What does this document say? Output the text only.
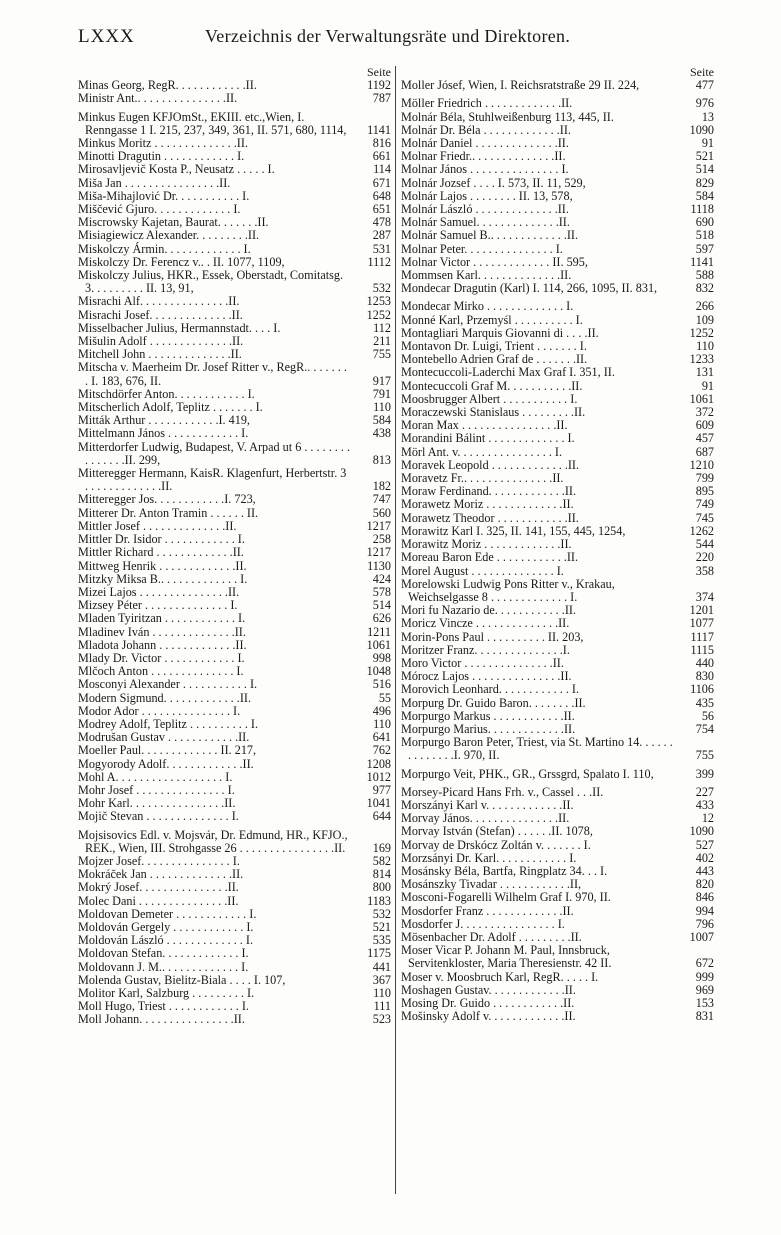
LXXX	Verzeichnis der Verwaltungsräte und Direktoren.
Seite
Minas Georg, RegR. . . . . . . . . . . .II.	1192
Ministr Ant.. . . . . . . . . . . . . . .II.	787
Minkus Eugen KFJOmSt., EKIII. etc.,Wien, I. Renngasse 1 I. 215, 237, 349, 361, II. 571, 680, 1114,	1141
Minkus Moritz . . . . . . . . . . . . . .II.	816
Minotti Dragutin . . . . . . . . . . . . I.	661
Mirosavljevič Kosta P., Neusatz . . . . . I.	114
Miša Jan . . . . . . . . . . . . . . . .II.	671
Miša-Mihajlović Dr. . . . . . . . . . . I.	648
Miščević Gjuro. . . . . . . . . . . . . I.	651
Miscrowsky Kajetan, Baurat. . . . . . .II.	478
Misiagiewicz Alexander. . . . . . . . .II.	287
Miskolczy Ármin. . . . . . . . . . . . . I.	531
Miskolczy Dr. Ferencz v.. . II. 1077, 1109,	1112
Miskolczy Julius, HKR., Essek, Oberstadt, Comitatsg. 3. . . . . . . . . II. 13, 91,	532
Misrachi Alf. . . . . . . . . . . . . . .II.	1253
Misrachi Josef. . . . . . . . . . . . . .II.	1252
Misselbacher Julius, Hermannstadt. . . . I.	112
Mišulin Adolf . . . . . . . . . . . . . .II.	211
Mitchell John . . . . . . . . . . . . . .II.	755
Mitscha v. Maerheim Dr. Josef Ritter v., RegR.. . . . . . . . I. 183, 676, II.	917
Mitschdörfer Anton. . . . . . . . . . . . I.	791
Mitscherlich Adolf, Teplitz . . . . . . . I.	110
Mitták Arthur . . . . . . . . . . . .I. 419,	584
Mittelmann János . . . . . . . . . . . . I.	438
Mitterdorfer Ludwig, Budapest, V. Arpad ut 6 . . . . . . . . . . . . . . .II. 299,	813
Mitteregger Hermann, KaisR. Klagenfurt, Herbertstr. 3 . . . . . . . . . . . . .II.	182
Mitteregger Jos. . . . . . . . . . . .I. 723,	747
Mitterer Dr. Anton Tramin . . . . . . II.	560
Mittler Josef . . . . . . . . . . . . . .II.	1217
Mittler Dr. Isidor . . . . . . . . . . . . I.	258
Mittler Richard . . . . . . . . . . . . .II.	1217
Mittweg Henrik . . . . . . . . . . . . .II.	1130
Mitzky Miksa B.. . . . . . . . . . . . . I.	424
Mizei Lajos . . . . . . . . . . . . . . .II.	578
Mizsey Péter . . . . . . . . . . . . . . I.	514
Mladen Tyiritzan . . . . . . . . . . . . I.	626
Mladinev Iván . . . . . . . . . . . . . .II.	1211
Mladota Johann . . . . . . . . . . . . .II.	1061
Mlady Dr. Victor . . . . . . . . . . . . I.	998
Mlčoch Anton . . . . . . . . . . . . . . I.	1048
Mosconyi Alexander . . . . . . . . . . . I.	516
Modern Sigmund. . . . . . . . . . . . .II.	55
Modor Ador . . . . . . . . . . . . . . . I.	496
Modrey Adolf, Teplitz . . . . . . . . . . I.	110
Modrušan Gustav . . . . . . . . . . . .II.	641
Moeller Paul. . . . . . . . . . . . . II. 217,	762
Mogyorody Adolf. . . . . . . . . . . . .II.	1208
Mohl A. . . . . . . . . . . . . . . . . . I.	1012
Mohr Josef . . . . . . . . . . . . . . . I.	977
Mohr Karl. . . . . . . . . . . . . . . .II.	1041
Mojič Stevan . . . . . . . . . . . . . . I.	644
Mojsisovics Edl. v. Mojsvár, Dr. Edmund, HR., KFJO., REK., Wien, III. Strohgasse 26 . . . . . . . . . . . . . . . .II.	169
Mojzer Josef. . . . . . . . . . . . . . . I.	582
Mokráček Jan . . . . . . . . . . . . . .II.	814
Mokrý Josef. . . . . . . . . . . . . . .II.	800
Molec Dani . . . . . . . . . . . . . . .II.	1183
Moldovan Demeter . . . . . . . . . . . . I.	532
Moldován Gergely . . . . . . . . . . . . I.	521
Moldován László . . . . . . . . . . . . . I.	535
Moldovan Stefan. . . . . . . . . . . . . I.	1175
Moldovann J. M.. . . . . . . . . . . . . I.	441
Molenda Gustav, Bielitz-Biala . . . . I. 107,	367
Molitor Karl, Salzburg . . . . . . . . . I.	110
Moll Hugo, Triest . . . . . . . . . . . . I.	111
Moll Johann. . . . . . . . . . . . . . . .II.	523
Seite
Moller Jósef, Wien, I. Reichsratstraße 29 II. 224,	477
Möller Friedrich . . . . . . . . . . . . .II.	976
Molnár Béla, Stuhlweißenburg 113, 445, II.	13
Molnár Dr. Béla . . . . . . . . . . . . .II.	1090
Molnár Daniel . . . . . . . . . . . . . .II.	91
Molnar Friedr.. . . . . . . . . . . . . .II.	521
Molnar János . . . . . . . . . . . . . . . I.	514
Molnár Jozsef . . . . I. 573, II. 11, 529,	829
Molnár Lajos . . . . . . . . II. 13, 578,	584
Molnár László . . . . . . . . . . . . . .II.	1118
Molnár Samuel. . . . . . . . . . . . . .II.	690
Molnár Samuel B.. . . . . . . . . . . . .II.	518
Molnar Peter. . . . . . . . . . . . . . . I.	597
Molnar Victor . . . . . . . . . . . . . II. 595,	1141
Mommsen Karl. . . . . . . . . . . . . .II.	588
Mondecar Dragutin (Karl) I. 114, 266, 1095, II. 831,	832
Mondecar Mirko . . . . . . . . . . . . . I.	266
Monné Karl, Przemyśl . . . . . . . . . . I.	109
Montagliari Marquis Giovanni di . . . .II.	1252
Montavon Dr. Luigi, Trient . . . . . . . I.	110
Montebello Adrien Graf de . . . . . . .II.	1233
Montecuccoli-Laderchi Max Graf I. 351, II.	131
Montecuccoli Graf M. . . . . . . . . . .II.	91
Moosbrugger Albert . . . . . . . . . . . I.	1061
Moraczewski Stanislaus . . . . . . . . .II.	372
Moran Max . . . . . . . . . . . . . . . .II.	609
Morandini Bálint . . . . . . . . . . . . . I.	457
Mörl Ant. v. . . . . . . . . . . . . . . . I.	687
Moravek Leopold . . . . . . . . . . . . .II.	1210
Moravetz Fr.. . . . . . . . . . . . . . .II.	799
Moraw Ferdinand. . . . . . . . . . . . .II.	895
Morawetz Moriz . . . . . . . . . . . . .II.	749
Morawetz Theodor . . . . . . . . . . . .II.	745
Morawitz Karl I. 325, II. 141, 155, 445, 1254,	1262
Morawitz Moriz . . . . . . . . . . . . .II.	544
Moreau Baron Ede . . . . . . . . . . . .II.	220
Morel August . . . . . . . . . . . . . . I.	358
Morelowski Ludwig Pons Ritter v., Krakau, Weichselgasse 8 . . . . . . . . . . . . . I.	374
Mori fu Nazario de. . . . . . . . . . . .II.	1201
Moricz Vincze . . . . . . . . . . . . . .II.	1077
Morin-Pons Paul . . . . . . . . . . II. 203,	1117
Moritzer Franz. . . . . . . . . . . . . . .I.	1115
Moro Victor . . . . . . . . . . . . . . .II.	440
Mórocz Lajos . . . . . . . . . . . . . . .II.	830
Morovich Leonhard. . . . . . . . . . . . I.	1106
Morpurg Dr. Guido Baron. . . . . . . .II.	435
Morpurgo Markus . . . . . . . . . . . .II.	56
Morpurgo Marius. . . . . . . . . . . . .II.	754
Morpurgo Baron Peter, Triest, via St. Martino 14. . . . . . . . . . . . . .I. 970, II.	755
Morpurgo Veit, PHK., GR., Grssgrd, Spalato I. 110,	399
Morsey-Picard Hans Frh. v., Cassel . . .II.	227
Morszányi Karl v. . . . . . . . . . . . .II.	433
Morvay János. . . . . . . . . . . . . . .II.	12
Morvay István (Stefan) . . . . . .II. 1078,	1090
Morvay de Drskócz Zoltán v. . . . . . . I.	527
Morzsányi Dr. Karl. . . . . . . . . . . . I.	402
Mosánsky Béla, Bartfa, Ringplatz 34. . . I.	443
Mosánszky Tivadar . . . . . . . . . . . .II,	820
Mosconi-Fogarelli Wilhelm Graf I. 970, II.	846
Mosdorfer Franz . . . . . . . . . . . . .II.	994
Mosdorfer J. . . . . . . . . . . . . . . . I.	796
Mösenbacher Dr. Adolf . . . . . . . . .II.	1007
Moser Vicar P. Johann M. Paul, Innsbruck, Servitenkloster, Maria Theresienstr. 42 II.	672
Moser v. Moosbruch Karl, RegR. . . . . I.	999
Moshagen Gustav. . . . . . . . . . . . .II.	969
Mosing Dr. Guido . . . . . . . . . . . .II.	153
Mošinsky Adolf v. . . . . . . . . . . . .II.	831
